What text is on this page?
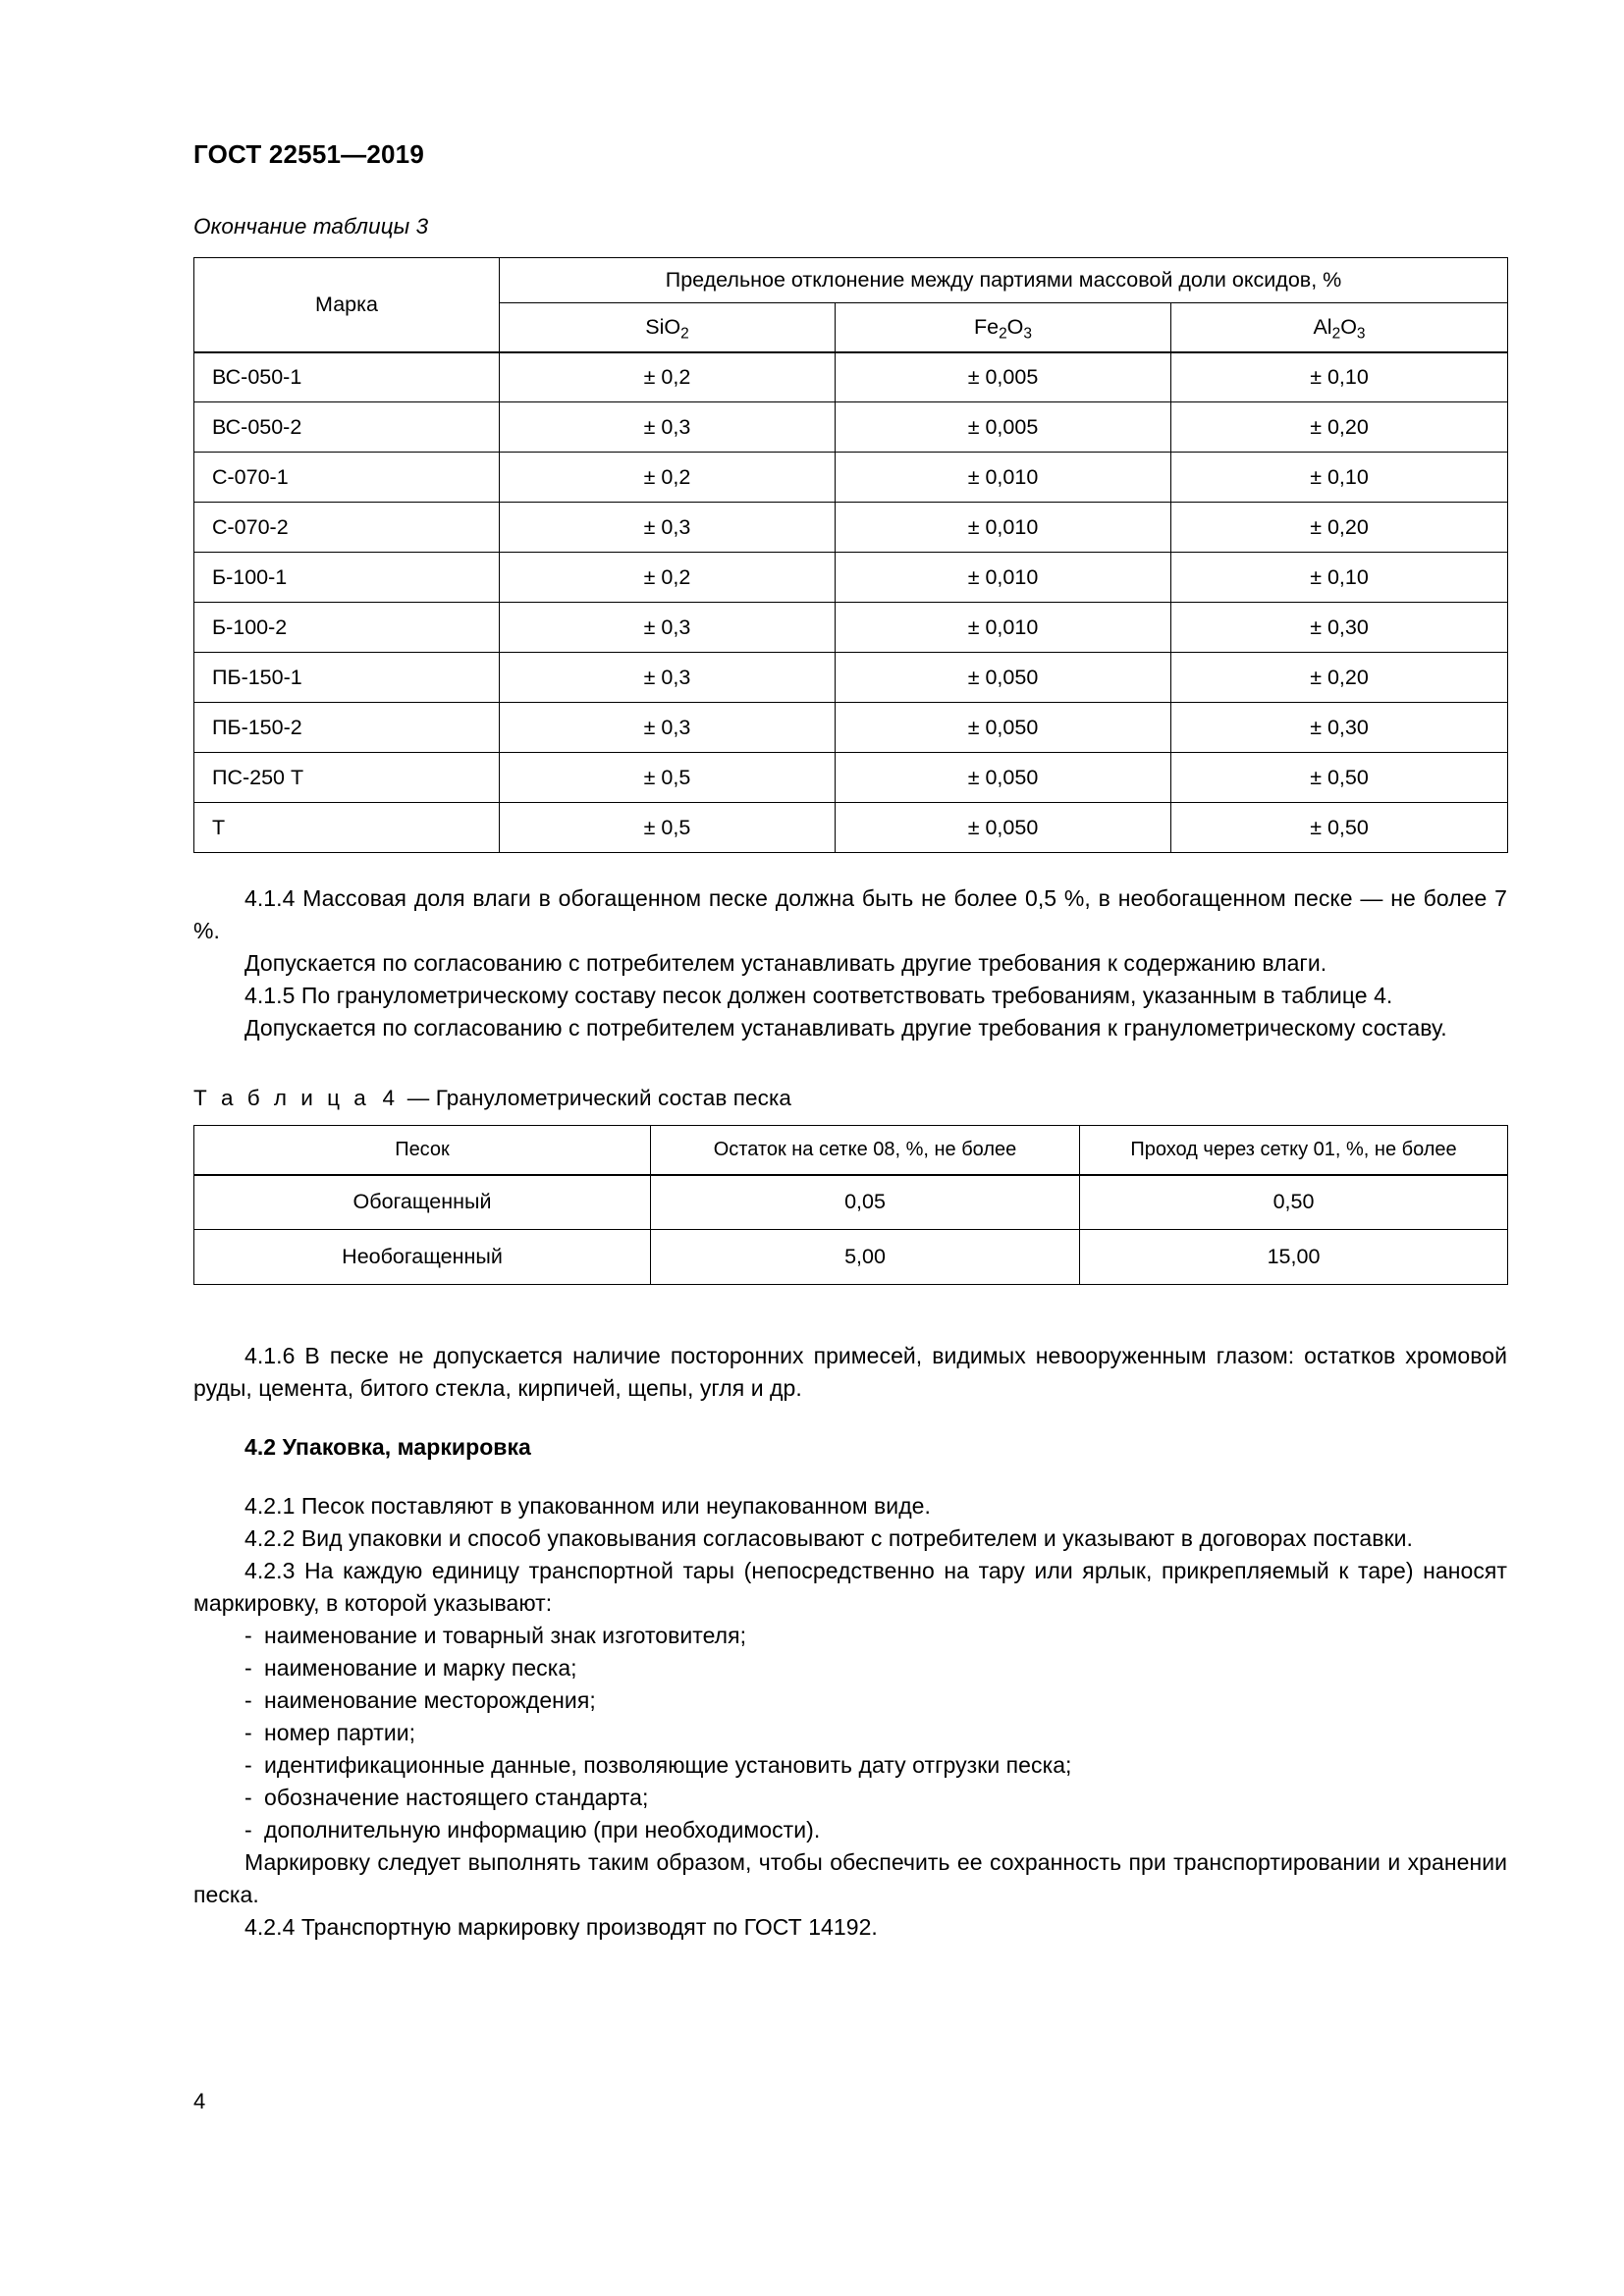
ГОСТ 22551—2019
Окончание таблицы 3
Марка	Предельное отклонение между партиями массовой доли оксидов, %		
	SiO$_2$	$Fe_2O_3$	$Al_2O_3$
ВС-050-1	± 0,2	± 0,005	± 0,10
ВС-050-2	± 0,3	± 0,005	± 0,20
С-070-1	± 0,2	± 0,010	± 0,10
С-070-2	± 0,3	± 0,010	± 0,20
Б-100-1	± 0,2	± 0,010	± 0,10
Б-100-2	± 0,3	± 0,010	± 0,30
ПБ-150-1	± 0,3	± 0,050	± 0,20
ПБ-150-2	± 0,3	± 0,050	± 0,30
ПС-250 Т	± 0,5	± 0,050	± 0,50
Т	± 0,5	± 0,050	± 0,50

4.1.4 Массовая доля влаги в обогащенном песке должна быть не более 0,5 %, в необогащенном песке — не более 7 %.

Допускается по согласованию с потребителем устанавливать другие требования к содержанию влаги.

4.1.5 По гранулометрическому составу песок должен соответствовать требованиям, указанным в таблице 4.

Допускается по согласованию с потребителем устанавливать другие требования к гранулометрическому составу.

Т а б л и ц а 4 — Гранулометрический состав песка
Песок	Остаток на сетке 08, %, не более	Проход через сетку 01, %, не более
Обогащенный	0,05	0,50
Необогащенный	5,00	15,00

4.1.6 В песке не допускается наличие посторонних примесей, видимых невооруженным глазом: остатков хромовой руды, цемента, битого стекла, кирпичей, щепы, угля и др.

4.2 Упаковка, маркировка

4.2.1 Песок поставляют в упакованном или неупакованном виде.

4.2.2 Вид упаковки и способ упаковывания согласовывают с потребителем и указывают в договорах поставки.

4.2.3 На каждую единицу транспортной тары (непосредственно на тару или ярлык, прикрепляемый к таре) наносят маркировку, в которой указывают:

- наименование и товарный знак изготовителя;
- наименование и марку песка;
- наименование месторождения;
- номер партии;
- идентификационные данные, позволяющие установить дату отгрузки песка;
- обозначение настоящего стандарта;
- дополнительную информацию (при необходимости).

Маркировку следует выполнять таким образом, чтобы обеспечить ее сохранность при транспортировании и хранении песка.

4.2.4 Транспортную маркировку производят по ГОСТ 14192.

4
